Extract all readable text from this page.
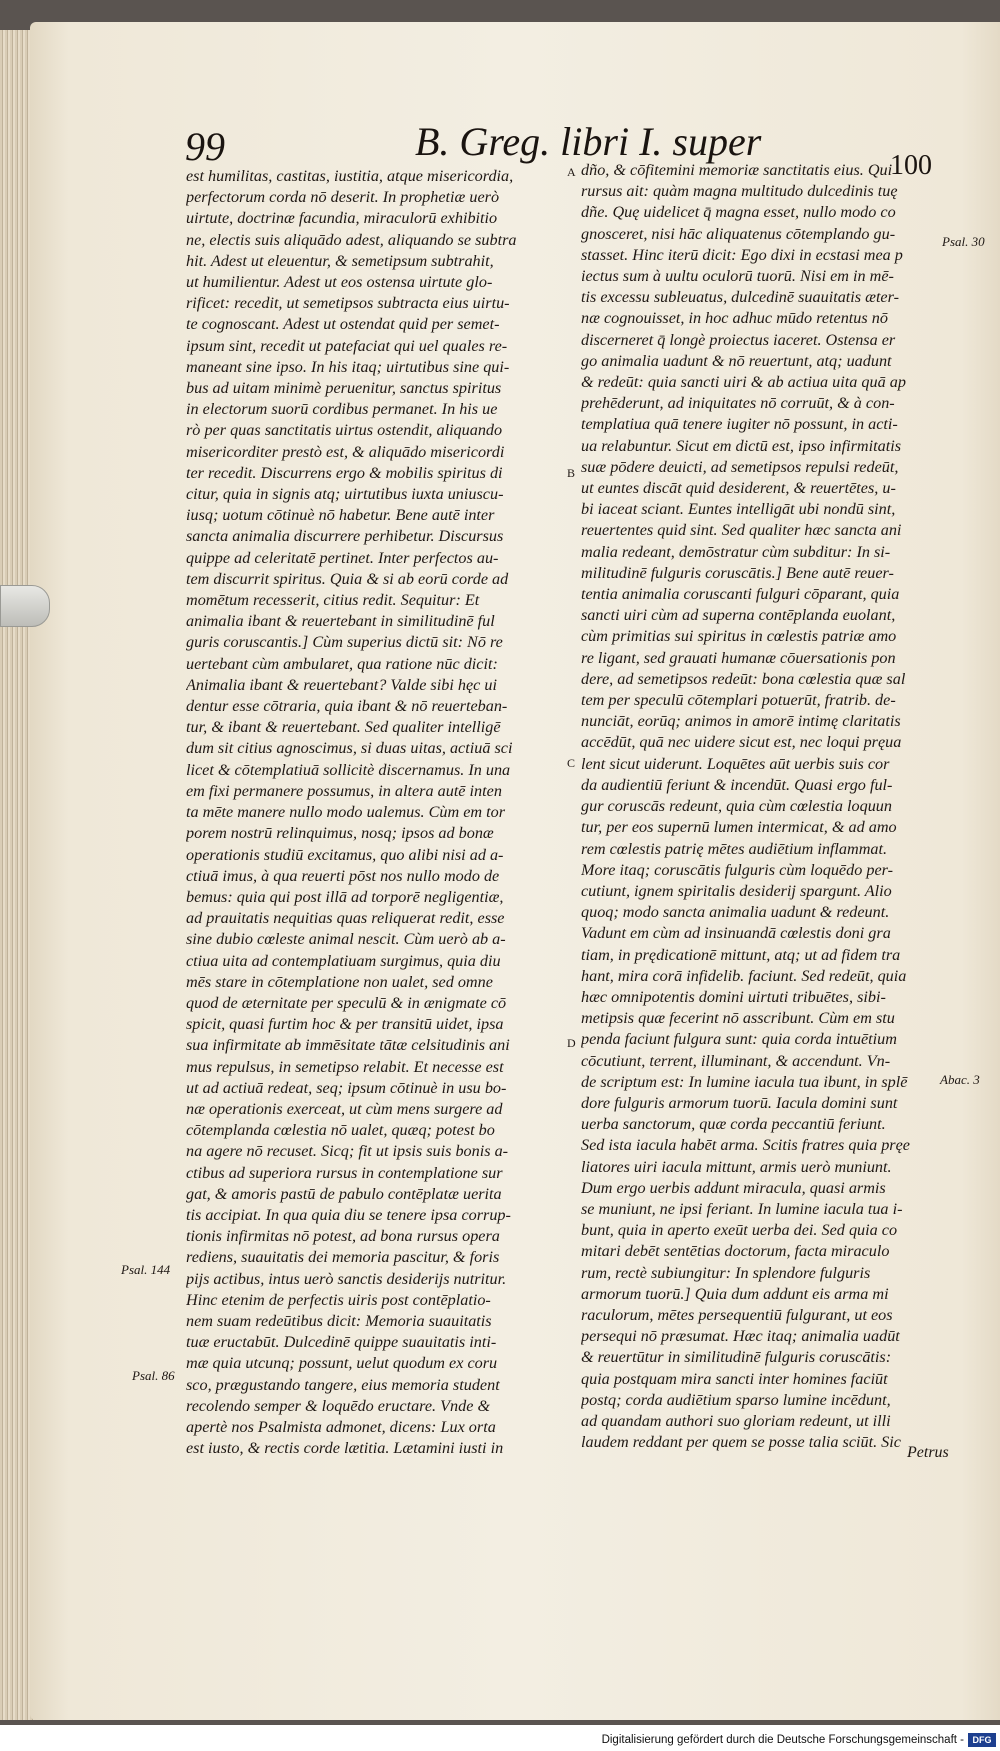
99	B. Greg. libri I. super
100
est humilitas, castitas, iustitia, atque misericordia,
perfectorum corda nō deserit. In prophetiæ uerò
uirtute, doctrinæ facundia, miraculorū exhibitio
ne, electis suis aliquādo adest, aliquando se subtra
hit. Adest ut eleuentur, & semetipsum subtrahit,
ut humilientur. Adest ut eos ostensa uirtute glo-
rificet: recedit, ut semetipsos subtracta eius uirtu-
te cognoscant. Adest ut ostendat quid per semet-
ipsum sint, recedit ut patefaciat qui uel quales re-
maneant sine ipso. In his itaq; uirtutibus sine qui-
bus ad uitam minimè peruenitur, sanctus spiritus
in electorum suorū cordibus permanet. In his ue
rò per quas sanctitatis uirtus ostendit, aliquando
misericorditer prestò est, & aliquādo misericordi
ter recedit. Discurrens ergo & mobilis spiritus di
citur, quia in signis atq; uirtutibus iuxta uniuscu-
iusq; uotum cōtinuè nō habetur. Bene autē inter
sancta animalia discurrere perhibetur. Discursus
quippe ad celeritatē pertinet. Inter perfectos au-
tem discurrit spiritus. Quia & si ab eorū corde ad
momētum recesserit, citius redit. Sequitur: Et
animalia ibant & reuertebant in similitudinē ful
guris coruscantis.] Cùm superius dictū sit: Nō re
uertebant cùm ambularet, qua ratione nūc dicit:
Animalia ibant & reuertebant? Valde sibi hęc ui
dentur esse cōtraria, quia ibant & nō reuerteban-
tur, & ibant & reuertebant. Sed qualiter intelligē
dum sit citius agnoscimus, si duas uitas, actiuā sci
licet & cōtemplatiuā sollicitè discernamus. In una
em fixi permanere possumus, in altera autē inten
ta mēte manere nullo modo ualemus. Cùm em tor
porem nostrū relinquimus, nosq; ipsos ad bonæ
operationis studiū excitamus, quo alibi nisi ad a-
ctiuā imus, à qua reuerti pōst nos nullo modo de
bemus: quia qui post illā ad torporē negligentiæ,
ad prauitatis nequitias quas reliquerat redit, esse
sine dubio cœleste animal nescit. Cùm uerò ab a-
ctiua uita ad contemplatiuam surgimus, quia diu
mēs stare in cōtemplatione non ualet, sed omne
quod de æternitate per speculū & in ænigmate cō
spicit, quasi furtim hoc & per transitū uidet, ipsa
sua infirmitate ab immēsitate tātæ celsitudinis ani
mus repulsus, in semetipso relabit. Et necesse est
ut ad actiuā redeat, seq; ipsum cōtinuè in usu bo-
næ operationis exerceat, ut cùm mens surgere ad
cōtemplanda cœlestia nō ualet, quæq; potest bo
na agere nō recuset. Sicq; fit ut ipsis suis bonis a-
ctibus ad superiora rursus in contemplatione sur
gat, & amoris pastū de pabulo contēplatæ uerita
tis accipiat. In qua quia diu se tenere ipsa corrup-
tionis infirmitas nō potest, ad bona rursus opera
rediens, suauitatis dei memoria pascitur, & foris
pijs actibus, intus uerò sanctis desiderijs nutritur.
Hinc etenim de perfectis uiris post contēplatio-
nem suam redeūtibus dicit: Memoria suauitatis
tuæ eructabūt. Dulcedinē quippe suauitatis inti-
mæ quia utcunq; possunt, uelut quodum ex coru
sco, prægustando tangere, eius memoria student
recolendo semper & loquēdo eructare. Vnde &
apertè nos Psalmista admonet, dicens: Lux orta
est iusto, & rectis corde lætitia. Lætamini iusti in
dño, & cōfitemini memoriæ sanctitatis eius. Qui
rursus ait: quàm magna multitudo dulcedinis tuę
dñe. Quę uidelicet q̄ magna esset, nullo modo co
gnosceret, nisi hāc aliquatenus cōtemplando gu-
stasset. Hinc iterū dicit: Ego dixi in ecstasi mea p
iectus sum à uultu oculorū tuorū. Nisi em in mē-
tis excessu subleuatus, dulcedinē suauitatis æter-
næ cognouisset, in hoc adhuc mūdo retentus nō
discerneret q̄ longè proiectus iaceret. Ostensa er
go animalia uadunt & nō reuertunt, atq; uadunt
& redeūt: quia sancti uiri & ab actiua uita quā ap
prehēderunt, ad iniquitates nō corruūt, & à con-
templatiua quā tenere iugiter nō possunt, in acti-
ua relabuntur. Sicut em dictū est, ipso infirmitatis
suæ pōdere deuicti, ad semetipsos repulsi redeūt,
ut euntes discāt quid desiderent, & reuertētes, u-
bi iaceat sciant. Euntes intelligāt ubi nondū sint,
reuertentes quid sint. Sed qualiter hæc sancta ani
malia redeant, demōstratur cùm subditur: In si-
militudinē fulguris coruscātis.] Bene autē reuer-
tentia animalia coruscanti fulguri cōparant, quia
sancti uiri cùm ad superna contēplanda euolant,
cùm primitias sui spiritus in cœlestis patriæ amo
re ligant, sed grauati humanæ cōuersationis pon
dere, ad semetipsos redeūt: bona cœlestia quæ sal
tem per speculū cōtemplari potuerūt, fratrib. de-
nunciāt, eorūq; animos in amorē intimę claritatis
accēdūt, quā nec uidere sicut est, nec loqui pręua
lent sicut uiderunt. Loquētes aūt uerbis suis cor
da audientiū feriunt & incendūt. Quasi ergo ful-
gur coruscās redeunt, quia cùm cœlestia loquun
tur, per eos supernū lumen intermicat, & ad amo
rem cœlestis patrię mētes audiētium inflammat.
More itaq; coruscātis fulguris cùm loquēdo per-
cutiunt, ignem spiritalis desiderij spargunt. Alio
quoq; modo sancta animalia uadunt & redeunt.
Vadunt em cùm ad insinuandā cœlestis doni gra
tiam, in prędicationē mittunt, atq; ut ad fidem tra
hant, mira corā infidelib. faciunt. Sed redeūt, quia
hæc omnipotentis domini uirtuti tribuētes, sibi-
metipsis quæ fecerint nō asscribunt. Cùm em stu
penda faciunt fulgura sunt: quia corda intuētium
cōcutiunt, terrent, illuminant, & accendunt. Vn-
de scriptum est: In lumine iacula tua ibunt, in splē
dore fulguris armorum tuorū. Iacula domini sunt
uerba sanctorum, quæ corda peccantiū feriunt.
Sed ista iacula habēt arma. Scitis fratres quia pręe
liatores uiri iacula mittunt, armis uerò muniunt.
Dum ergo uerbis addunt miracula, quasi armis
se muniunt, ne ipsi feriant. In lumine iacula tua i-
bunt, quia in aperto exeūt uerba dei. Sed quia co
mitari debēt sentētias doctorum, facta miraculo
rum, rectè subiungitur: In splendore fulguris
armorum tuorū.] Quia dum addunt eis arma mi
raculorum, mētes persequentiū fulgurant, ut eos
persequi nō præsumat. Hæc itaq; animalia uadūt
& reuertūtur in similitudinē fulguris coruscātis:
quia postquam mira sancti inter homines faciūt
postq; corda audiētium sparso lumine incēdunt,
ad quandam authori suo gloriam redeunt, ut illi
laudem reddant per quem se posse talia sciūt. Sic
A
B
C
D
Psal. 30
Abac. 3
Psal. 144
Psal. 86
Petrus
Digitalisierung gefördert durch die Deutsche Forschungsgemeinschaft - DFG
